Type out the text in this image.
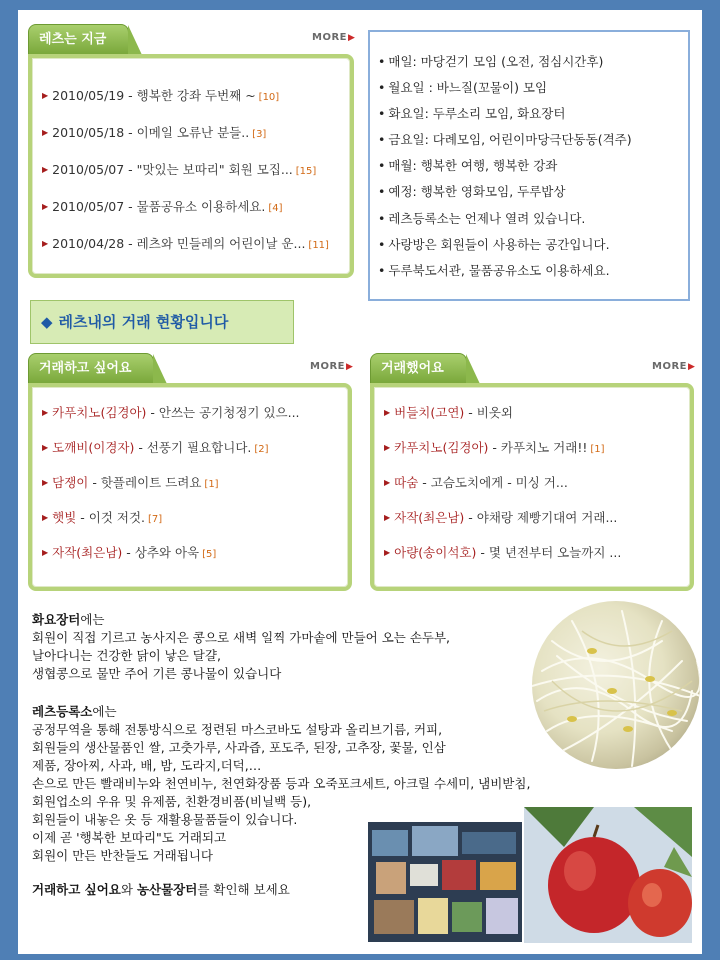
레츠는 지금	MORE▶
▶ 2010/05/19 - 행복한 강좌 두번째 ~ [10]
▶ 2010/05/18 - 이메일 오류난 분들.. [3]
▶ 2010/05/07 - "맛있는 보따리" 회원 모집... [15]
▶ 2010/05/07 - 물품공유소 이용하세요. [4]
▶ 2010/04/28 - 레츠와 민들레의 어린이날 운... [11]
• 매일: 마당걷기 모임 (오전, 점심시간후)
• 월요일 : 바느질(꼬물이) 모임
• 화요일: 두루소리 모임, 화요장터
• 금요일: 다례모임, 어린이마당극단동동(격주)
• 매월: 행복한 여행, 행복한 강좌
• 예정: 행복한 영화모임, 두루밥상
• 레츠등록소는 언제나 열려 있습니다.
• 사랑방은 회원들이 사용하는 공간입니다.
• 두루북도서관, 물품공유소도 이용하세요.
◆ 레츠내의 거래 현황입니다
거래하고 싶어요	MORE▶
▶ 카푸치노(김경아) - 안쓰는 공기청정기 있으...
▶ 도깨비(이경자) - 선풍기 필요합니다. [2]
▶ 담쟁이 - 핫플레이트 드려요 [1]
▶ 햇빛 - 이것 저것. [7]
▶ 자작(최은남) - 상추와 아욱 [5]
거래했어요	MORE▶
▶ 버들치(고연) - 비옷외
▶ 카푸치노(김경아) - 카푸치노 거래!! [1]
▶ 따숨 - 고슴도치에게 - 미싱 거...
▶ 자작(최은남) - 야채랑 제빵기대여 거래...
▶ 아량(송이석호) - 몇 년전부터 오늘까지 ...
화요장터에는
회원이 직접 기르고 농사지은 콩으로 새벽 일찍 가마솥에 만들어 오는 손두부,
날아다니는 건강한 닭이 낳은 달걀,
생협콩으로 물만 주어 기른 콩나물이 있습니다
레츠등록소에는
공정무역을 통해 전통방식으로 정련된 마스코바도 설탕과 올리브기름, 커피,
회원들의 생산물품인 쌀, 고춧가루, 사과즙, 포도주, 된장, 고추장, 꽃물, 인삼
제품, 장아찌, 사과, 배, 밤, 도라지,더덕,…
손으로 만든 빨래비누와 천연비누, 천연화장품 등과 오죽포크세트, 아크릴 수세미, 냄비받침,
회원업소의 우유 및 유제품, 친환경비품(비닐백 등),
회원들이 내놓은 옷 등 재활용물품들이 있습니다.
이제 곧 '행복한 보따리"도 거래되고
회원이 만든 반찬들도 거래됩니다
거래하고 싶어요와 농산물장터를 확인해 보세요
